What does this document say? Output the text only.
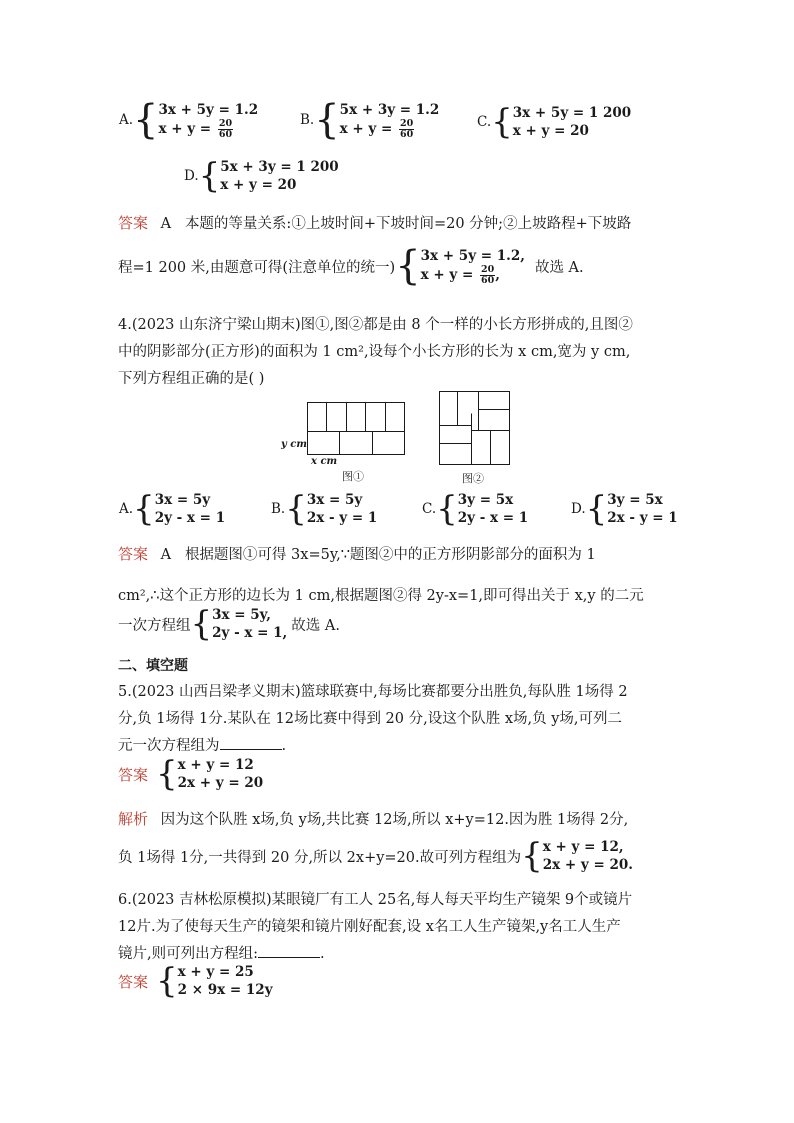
A. { 3x + 5y = 1.2
$x + y = \frac{20}{60}$	B. { 5x + 3y = 1.2
$x + y = \frac{20}{60}$	C. { 3x + 5y = 1 200
x + y = 20
D. { 5x + 3y = 1 200
x + y = 20
答案 A 本题的等量关系:①上坡时间+下坡时间=20 分钟;②上坡路程+下坡路
程=1 200 米,由题意可得(注意单位的统一) { 3x + 5y = 1.2,
$x + y = \frac{20}{60}$ ,	故选 A.
4.(2023 山东济宁梁山期末)图①,图②都是由 8 个一样的小长方形拼成的,且图②
中的阴影部分(正方形)的面积为 1 cm²,设每个小长方形的长为 x cm,宽为 y cm,
下列方程组正确的是( )
y cm
x cm
图①	图②
A. { 3x = 5y
2y - x = 1
B. { 3x = 5y
2x - y = 1
C. { 3y = 5x
2y - x = 1
D. { 3y = 5x
2x - y = 1
答案 A 根据题图①可得 3x=5y,∵题图②中的正方形阴影部分的面积为 1
cm²,∴这个正方形的边长为 1 cm,根据题图②得 2y-x=1,即可得出关于 x,y 的二元
一次方程组 { 3x = 5y,
2y - x = 1, 故选 A.
二、填空题
5.(2023 山西吕梁孝义期末)篮球联赛中,每场比赛都要分出胜负,每队胜 1场得 2
分,负 1场得 1分.某队在 12场比赛中得到 20 分,设这个队胜 x场,负 y场,可列二
元一次方程组为	.
答案 { x + y = 12
2x + y = 20
解析 因为这个队胜 x场,负 y场,共比赛 12场,所以 x+y=12.因为胜 1场得 2分,
负 1场得 1分,一共得到 20 分,所以 2x+y=20.故可列方程组为 { x + y = 12,
2x + y = 20.
6.(2023 吉林松原模拟)某眼镜厂有工人 25名,每人每天平均生产镜架 9个或镜片
12片.为了使每天生产的镜架和镜片刚好配套,设 x名工人生产镜架,y名工人生产
镜片,则可列出方程组:	.
答案 { x + y = 25
2 × 9x = 12y
